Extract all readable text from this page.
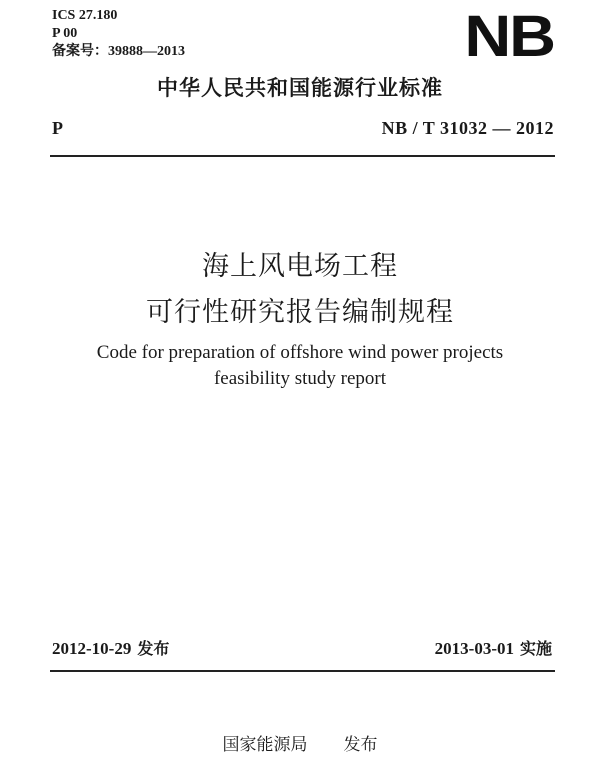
ICS 27.180
P 00
备案号：39888—2013	NB
中华人民共和国能源行业标准
P	NB / T 31032 — 2012
海上风电场工程
可行性研究报告编制规程
Code for preparation of offshore wind power projects
feasibility study report
2012-10-29 发布	2013-03-01 实施
国家能源局 发布
